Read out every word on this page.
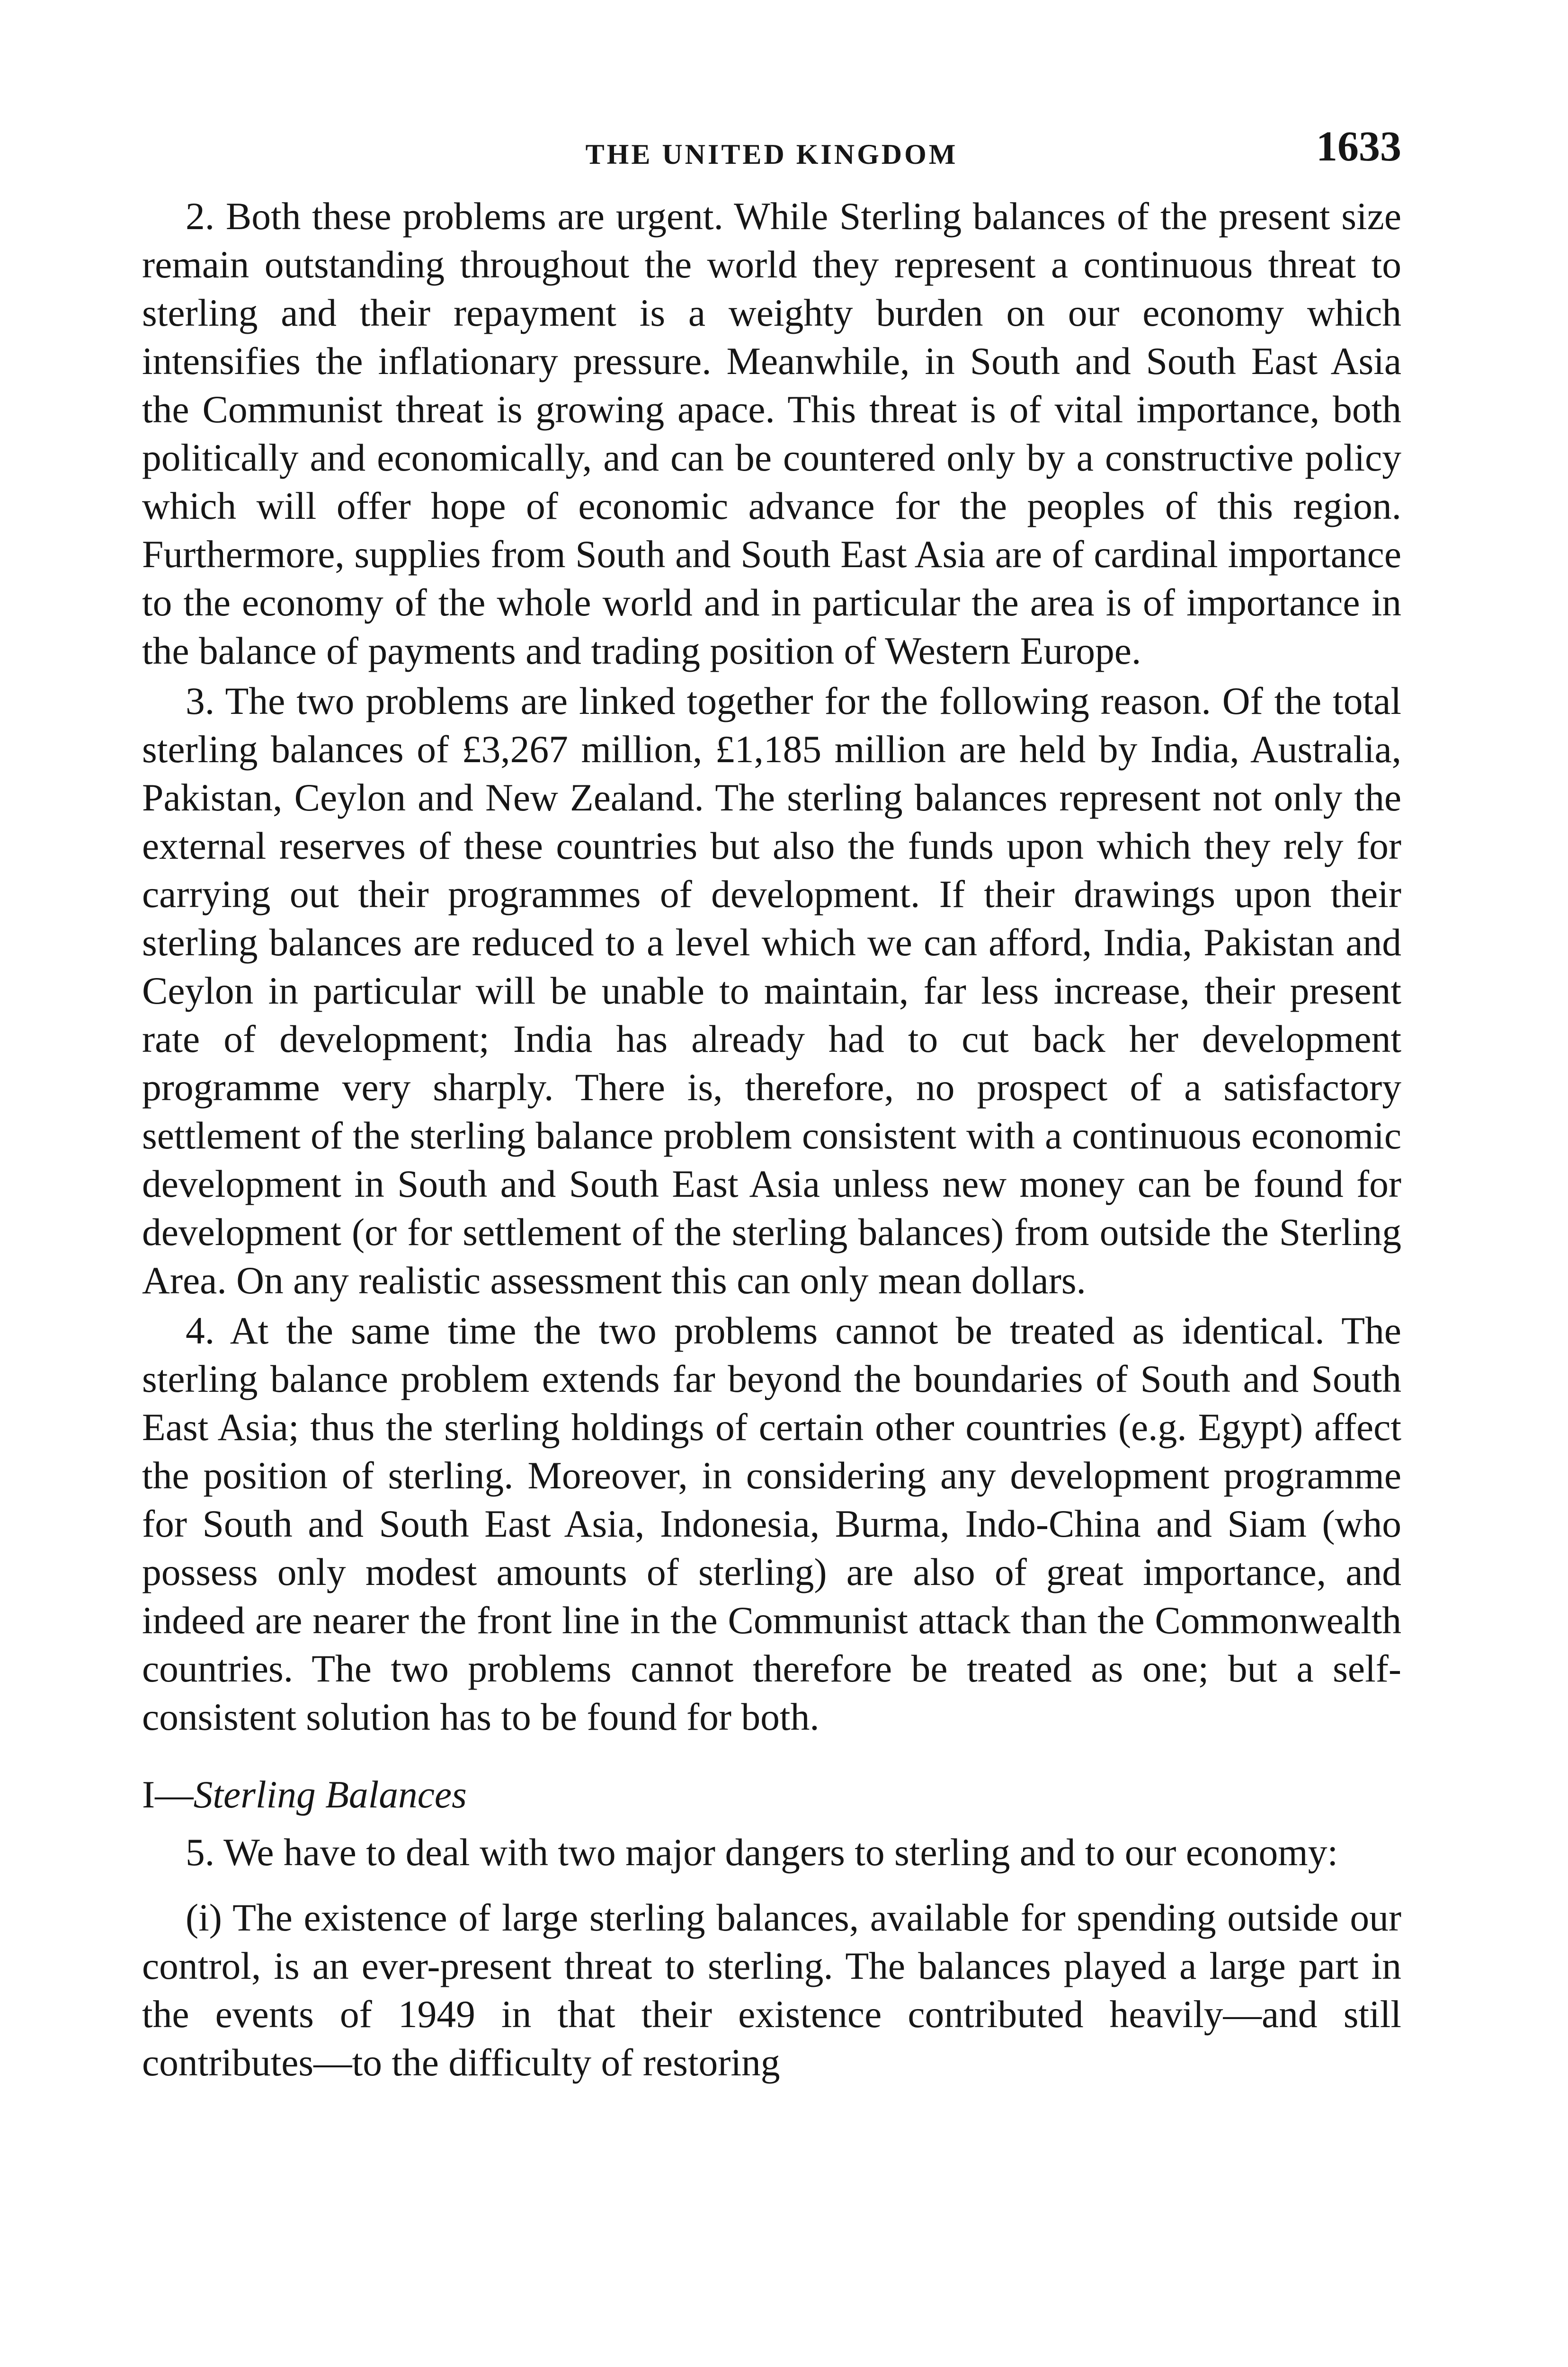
THE UNITED KINGDOM	1633

2. Both these problems are urgent. While Sterling balances of the present size remain outstanding throughout the world they represent a continuous threat to sterling and their repayment is a weighty burden on our economy which intensifies the inflationary pressure. Meanwhile, in South and South East Asia the Communist threat is growing apace. This threat is of vital importance, both politically and economically, and can be countered only by a constructive policy which will offer hope of economic advance for the peoples of this region. Furthermore, supplies from South and South East Asia are of cardinal importance to the economy of the whole world and in particular the area is of importance in the balance of payments and trading position of Western Europe.

3. The two problems are linked together for the following reason. Of the total sterling balances of £3,267 million, £1,185 million are held by India, Australia, Pakistan, Ceylon and New Zealand. The sterling balances represent not only the external reserves of these countries but also the funds upon which they rely for carrying out their programmes of development. If their drawings upon their sterling balances are reduced to a level which we can afford, India, Pakistan and Ceylon in particular will be unable to maintain, far less increase, their present rate of development; India has already had to cut back her development programme very sharply. There is, therefore, no prospect of a satisfactory settlement of the sterling balance problem consistent with a continuous economic development in South and South East Asia unless new money can be found for development (or for settlement of the sterling balances) from outside the Sterling Area. On any realistic assessment this can only mean dollars.

4. At the same time the two problems cannot be treated as identical. The sterling balance problem extends far beyond the boundaries of South and South East Asia; thus the sterling holdings of certain other countries (e.g. Egypt) affect the position of sterling. Moreover, in considering any development programme for South and South East Asia, Indonesia, Burma, Indo-China and Siam (who possess only modest amounts of sterling) are also of great importance, and indeed are nearer the front line in the Communist attack than the Commonwealth countries. The two problems cannot therefore be treated as one; but a self-consistent solution has to be found for both.

I—Sterling Balances

5. We have to deal with two major dangers to sterling and to our economy:

(i) The existence of large sterling balances, available for spending outside our control, is an ever-present threat to sterling. The balances played a large part in the events of 1949 in that their existence contributed heavily—and still contributes—to the difficulty of restoring
